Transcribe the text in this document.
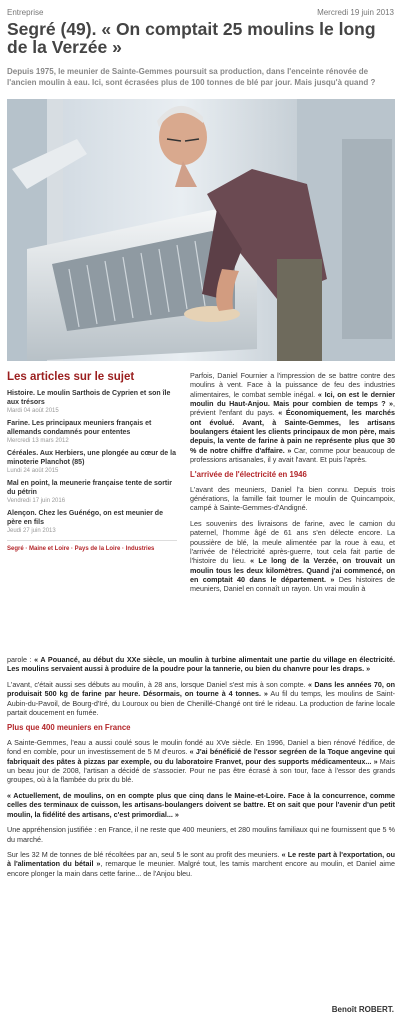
Entreprise	Mercredi 19 juin 2013
Segré (49). « On comptait 25 moulins le long de la Verzée »

Depuis 1975, le meunier de Sainte-Gemmes poursuit sa production, dans l'enceinte rénovée de l'ancien moulin à eau. Ici, sont écrasées plus de 100 tonnes de blé par jour. Mais jusqu'à quand ?

Les articles sur le sujet
Histoire. Le moulin Sarthois de Cyprien et son île aux trésors
Mardi 04 août 2015
Farine. Les principaux meuniers français et allemands condamnés pour ententes
Mercredi 13 mars 2012
Céréales. Aux Herbiers, une plongée au cœur de la minoterie Planchot (85)
Lundi 24 août 2015
Mal en point, la meunerie française tente de sortir du pétrin
Vendredi 17 juin 2016
Alençon. Chez les Guénégo, on est meunier de père en fils
Jeudi 27 juin 2013
Segré · Maine et Loire · Pays de la Loire · Industries

Parfois, Daniel Fournier a l'impression de se battre contre des moulins à vent. Face à la puissance de feu des industries alimentaires, le combat semble inégal. « Ici, on est le dernier moulin du Haut-Anjou. Mais pour combien de temps ? », prévient l'enfant du pays. « Économiquement, les marchés ont évolué. Avant, à Sainte-Gemmes, les artisans boulangers étaient les clients principaux de mon père, mais depuis, la vente de farine à pain ne représente plus que 30 % de notre chiffre d'affaire. » Car, comme pour beaucoup de professions artisanales, il y avait l'avant. Et puis l'après.

L'arrivée de l'électricité en 1946

L'avant des meuniers, Daniel l'a bien connu. Depuis trois générations, la famille fait tourner le moulin de Quincampoix, campé à Sainte-Gemmes-d'Andigné.

Les souvenirs des livraisons de farine, avec le camion du paternel, l'homme âgé de 61 ans s'en délecte encore. La poussière de blé, la meule alimentée par la roue à eau, et l'arrivée de l'électricité après-guerre, tout cela fait partie de l'histoire du lieu. « Le long de la Verzée, on trouvait un moulin tous les deux kilomètres. Quand j'ai commencé, on en comptait 40 dans le département. » Des histoires de meuniers, Daniel en connaît un rayon. Un vrai moulin à

parole : « A Pouancé, au début du XXe siècle, un moulin à turbine alimentait une partie du village en électricité. Les moulins servaient aussi à produire de la poudre pour la tannerie, ou bien du chanvre pour les draps. »

L'avant, c'était aussi ses débuts au moulin, à 28 ans, lorsque Daniel s'est mis à son compte. « Dans les années 70, on produisait 500 kg de farine par heure. Désormais, on tourne à 4 tonnes. » Au fil du temps, les moulins de Saint-Aubin-du-Pavoil, de Bourg-d'Iré, du Louroux ou bien de Chenillé-Changé ont tiré le rideau. La production de farine locale partait doucement en fumée.

Plus que 400 meuniers en France

A Sainte-Gemmes, l'eau a aussi coulé sous le moulin fondé au XVe siècle. En 1996, Daniel a bien rénové l'édifice, de fond en comble, pour un investissement de 5 M d'euros. « J'ai bénéficié de l'essor segréen de la Toque angevine qui fabriquait des pâtes à pizzas par exemple, ou du laboratoire Franvet, pour des supports médicamenteux... » Mais un beau jour de 2008, l'artisan a décidé de s'associer. Pour ne pas être écrasé à son tour, face à l'essor des grands groupes, où à la flambée du prix du blé.

« Actuellement, de moulins, on en compte plus que cinq dans le Maine-et-Loire. Face à la concurrence, comme celles des terminaux de cuisson, les artisans-boulangers doivent se battre. Et on sait que pour l'avenir d'un petit moulin, la fidélité des artisans, c'est primordial... »

Une appréhension justifiée : en France, il ne reste que 400 meuniers, et 280 moulins familiaux qui ne fournissent que 5 % du marché.

Sur les 32 M de tonnes de blé récoltées par an, seul 5 le sont au profit des meuniers. « Le reste part à l'exportation, ou à l'alimentation du bétail », remarque le meunier. Malgré tout, les tamis marchent encore au moulin, et Daniel aime encore plonger la main dans cette farine... de l'Anjou bleu.

Benoît ROBERT.
